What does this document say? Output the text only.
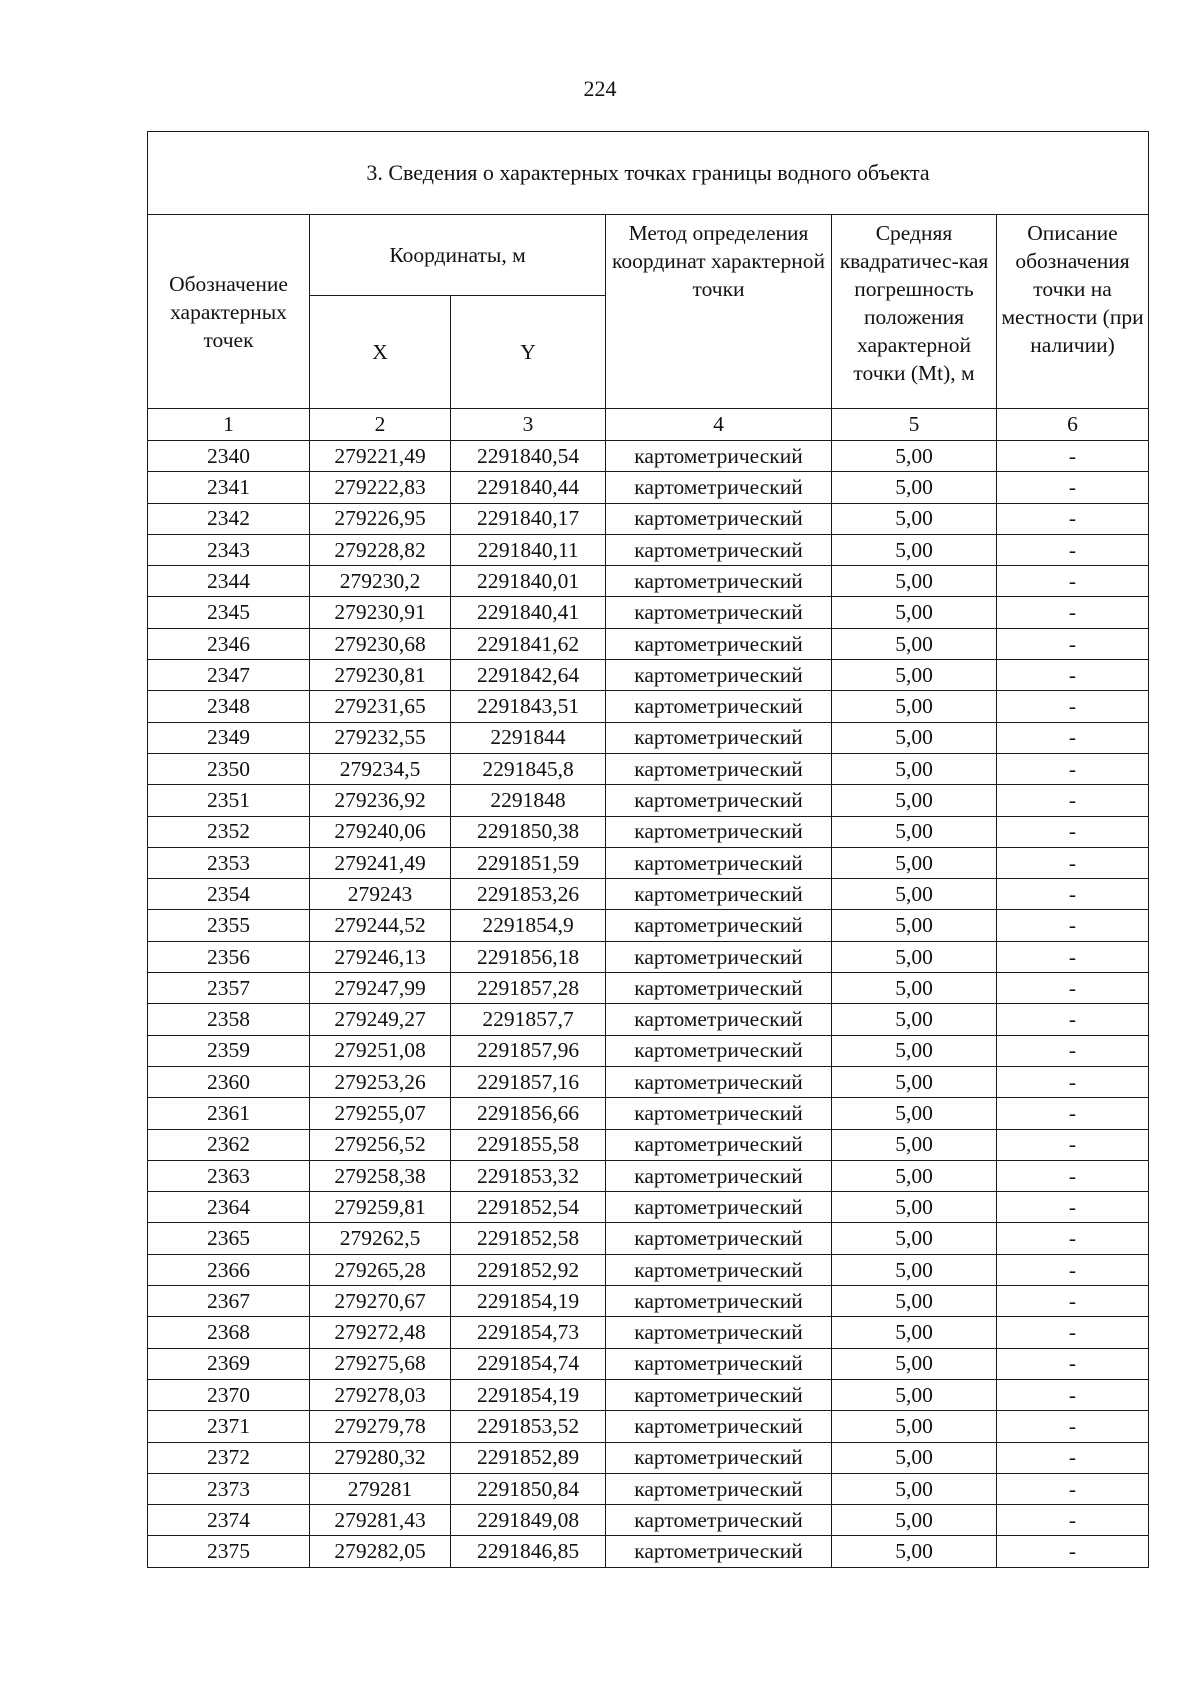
224
3. Сведения о характерных точках границы водного объекта					
Обозначение характерных точек	Координаты, м		Метод определения координат характерной точки	Средняя квадратичес-кая погрешность положения характерной точки (Mt), м	Описание обозначения точки на местности (при наличии)
	X	Y			
1	2	3	4	5	6
2340	279221,49	2291840,54	картометрический	5,00	-
2341	279222,83	2291840,44	картометрический	5,00	-
2342	279226,95	2291840,17	картометрический	5,00	-
2343	279228,82	2291840,11	картометрический	5,00	-
2344	279230,2	2291840,01	картометрический	5,00	-
2345	279230,91	2291840,41	картометрический	5,00	-
2346	279230,68	2291841,62	картометрический	5,00	-
2347	279230,81	2291842,64	картометрический	5,00	-
2348	279231,65	2291843,51	картометрический	5,00	-
2349	279232,55	2291844	картометрический	5,00	-
2350	279234,5	2291845,8	картометрический	5,00	-
2351	279236,92	2291848	картометрический	5,00	-
2352	279240,06	2291850,38	картометрический	5,00	-
2353	279241,49	2291851,59	картометрический	5,00	-
2354	279243	2291853,26	картометрический	5,00	-
2355	279244,52	2291854,9	картометрический	5,00	-
2356	279246,13	2291856,18	картометрический	5,00	-
2357	279247,99	2291857,28	картометрический	5,00	-
2358	279249,27	2291857,7	картометрический	5,00	-
2359	279251,08	2291857,96	картометрический	5,00	-
2360	279253,26	2291857,16	картометрический	5,00	-
2361	279255,07	2291856,66	картометрический	5,00	-
2362	279256,52	2291855,58	картометрический	5,00	-
2363	279258,38	2291853,32	картометрический	5,00	-
2364	279259,81	2291852,54	картометрический	5,00	-
2365	279262,5	2291852,58	картометрический	5,00	-
2366	279265,28	2291852,92	картометрический	5,00	-
2367	279270,67	2291854,19	картометрический	5,00	-
2368	279272,48	2291854,73	картометрический	5,00	-
2369	279275,68	2291854,74	картометрический	5,00	-
2370	279278,03	2291854,19	картометрический	5,00	-
2371	279279,78	2291853,52	картометрический	5,00	-
2372	279280,32	2291852,89	картометрический	5,00	-
2373	279281	2291850,84	картометрический	5,00	-
2374	279281,43	2291849,08	картометрический	5,00	-
2375	279282,05	2291846,85	картометрический	5,00	-
